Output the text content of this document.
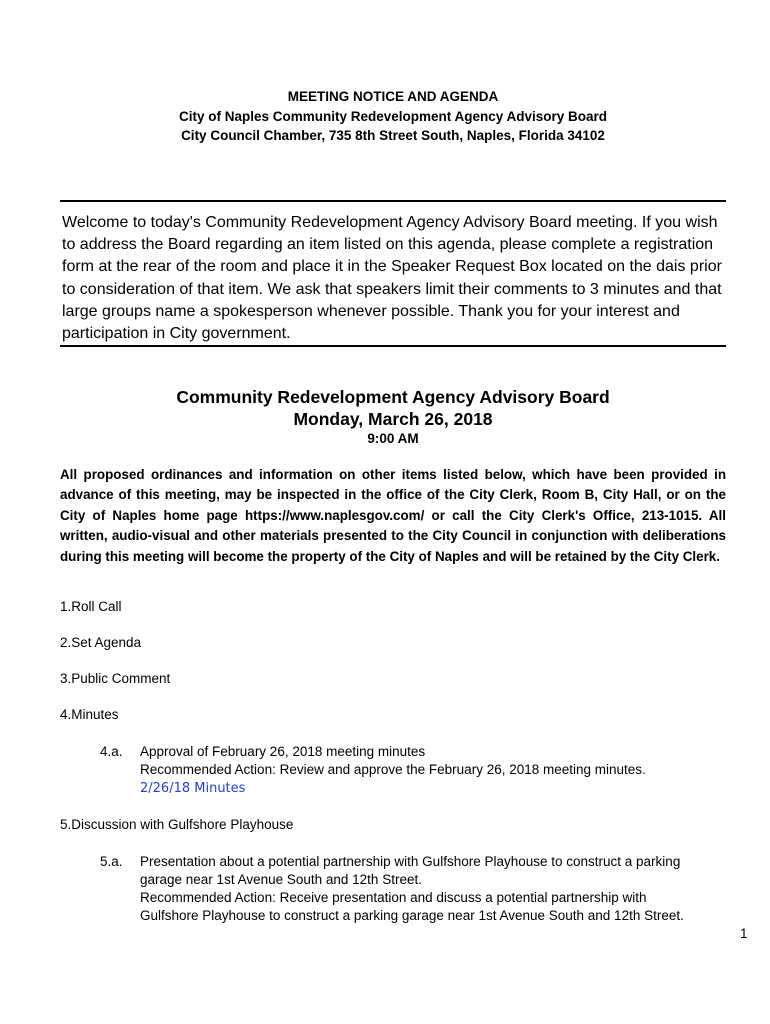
MEETING NOTICE AND AGENDA
City of Naples Community Redevelopment Agency Advisory Board
City Council Chamber, 735 8th Street South, Naples, Florida 34102
Welcome to today's Community Redevelopment Agency Advisory Board meeting. If you wish to address the Board regarding an item listed on this agenda, please complete a registration form at the rear of the room and place it in the Speaker Request Box located on the dais prior to consideration of that item. We ask that speakers limit their comments to 3 minutes and that large groups name a spokesperson whenever possible. Thank you for your interest and participation in City government.
Community Redevelopment Agency Advisory Board
Monday, March 26, 2018
9:00 AM
All proposed ordinances and information on other items listed below, which have been provided in advance of this meeting, may be inspected in the office of the City Clerk, Room B, City Hall, or on the City of Naples home page https://www.naplesgov.com/ or call the City Clerk's Office, 213-1015. All written, audio-visual and other materials presented to the City Council in conjunction with deliberations during this meeting will become the property of the City of Naples and will be retained by the City Clerk.
1.Roll Call
2.Set Agenda
3.Public Comment
4.Minutes
4.a. Approval of February 26, 2018 meeting minutes
Recommended Action: Review and approve the February 26, 2018 meeting minutes.
2/26/18 Minutes
5.Discussion with Gulfshore Playhouse
5.a. Presentation about a potential partnership with Gulfshore Playhouse to construct a parking garage near 1st Avenue South and 12th Street.
Recommended Action: Receive presentation and discuss a potential partnership with Gulfshore Playhouse to construct a parking garage near 1st Avenue South and 12th Street.
1
